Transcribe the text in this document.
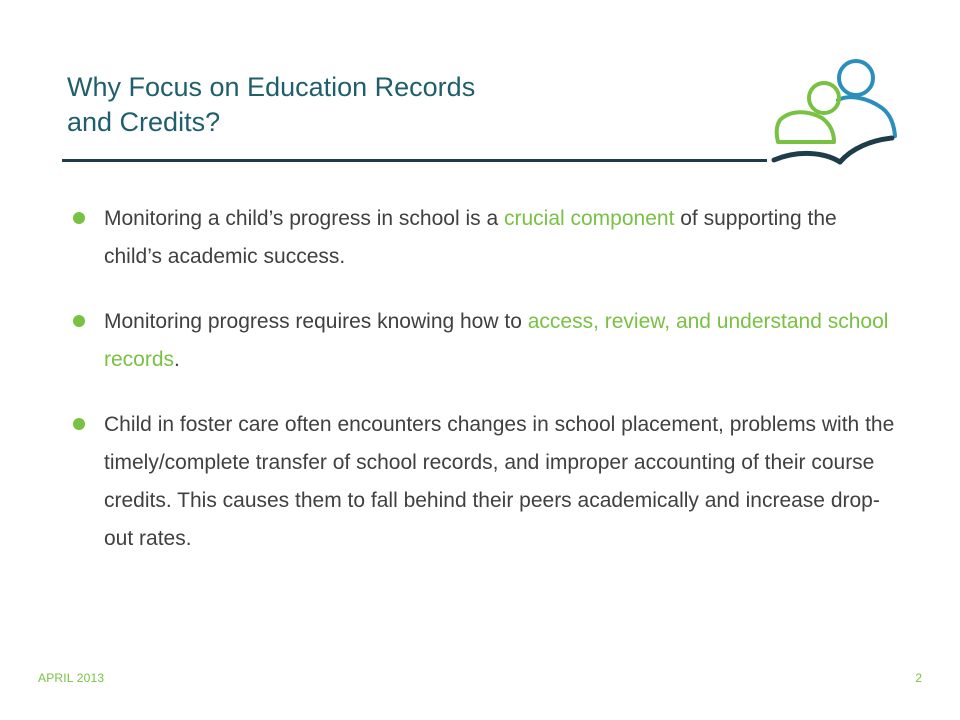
Why Focus on Education Records
and Credits?
Monitoring a child’s progress in school is a crucial component of supporting the child’s academic success.
Monitoring progress requires knowing how to access, review, and understand school records.
Child in foster care often encounters changes in school placement, problems with the timely/complete transfer of school records, and improper accounting of their course credits. This causes them to fall behind their peers academically and increase drop-out rates.
APRIL 2013	2
